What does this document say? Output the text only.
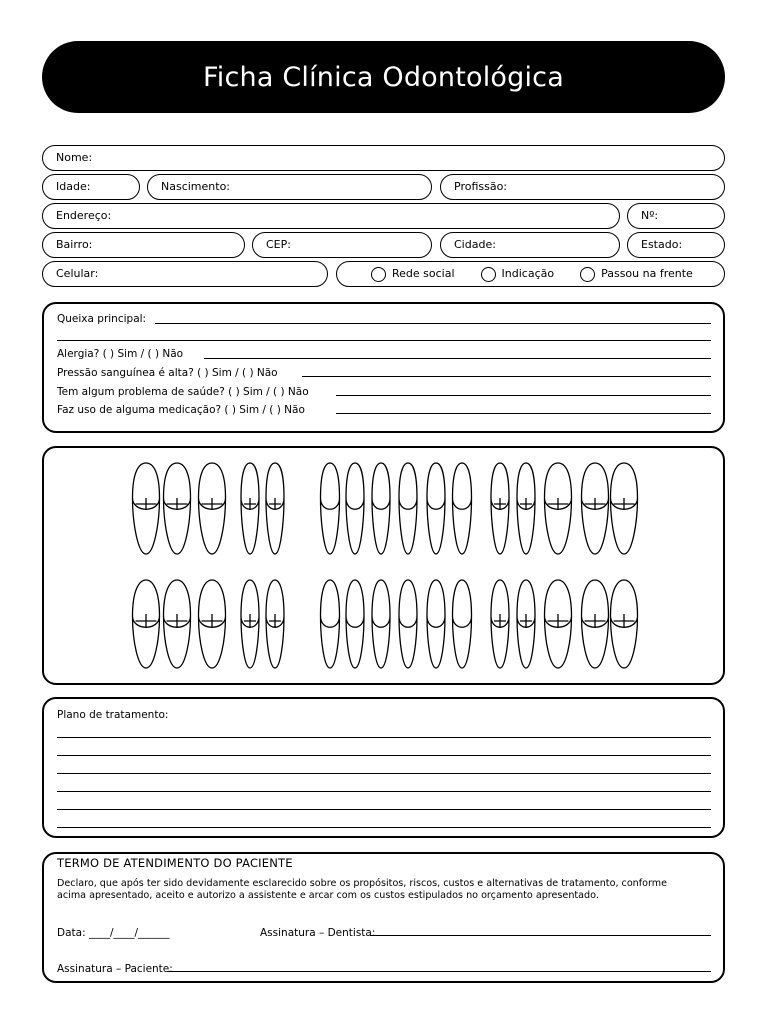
Ficha Clínica Odontológica
Nome:
Idade:	Nascimento:	Profissão:
Endereço:	Nº:
Bairro:	CEP:	Cidade:	Estado:
Celular:	Rede social	Indicação	Passou na frente
Queixa principal:
Alergia? ( ) Sim / ( ) Não
Pressão sanguínea é alta? ( ) Sim / ( ) Não
Tem algum problema de saúde? ( ) Sim / ( ) Não
Faz uso de alguma medicação? ( ) Sim / ( ) Não
Plano de tratamento:
TERMO DE ATENDIMENTO DO PACIENTE
Declaro, que após ter sido devidamente esclarecido sobre os propósitos, riscos, custos e alternativas de tratamento, conforme
acima apresentado, aceito e autorizo a assistente e arcar com os custos estipulados no orçamento apresentado.
Data: ____/____/______	Assinatura – Dentista:
Assinatura – Paciente:
